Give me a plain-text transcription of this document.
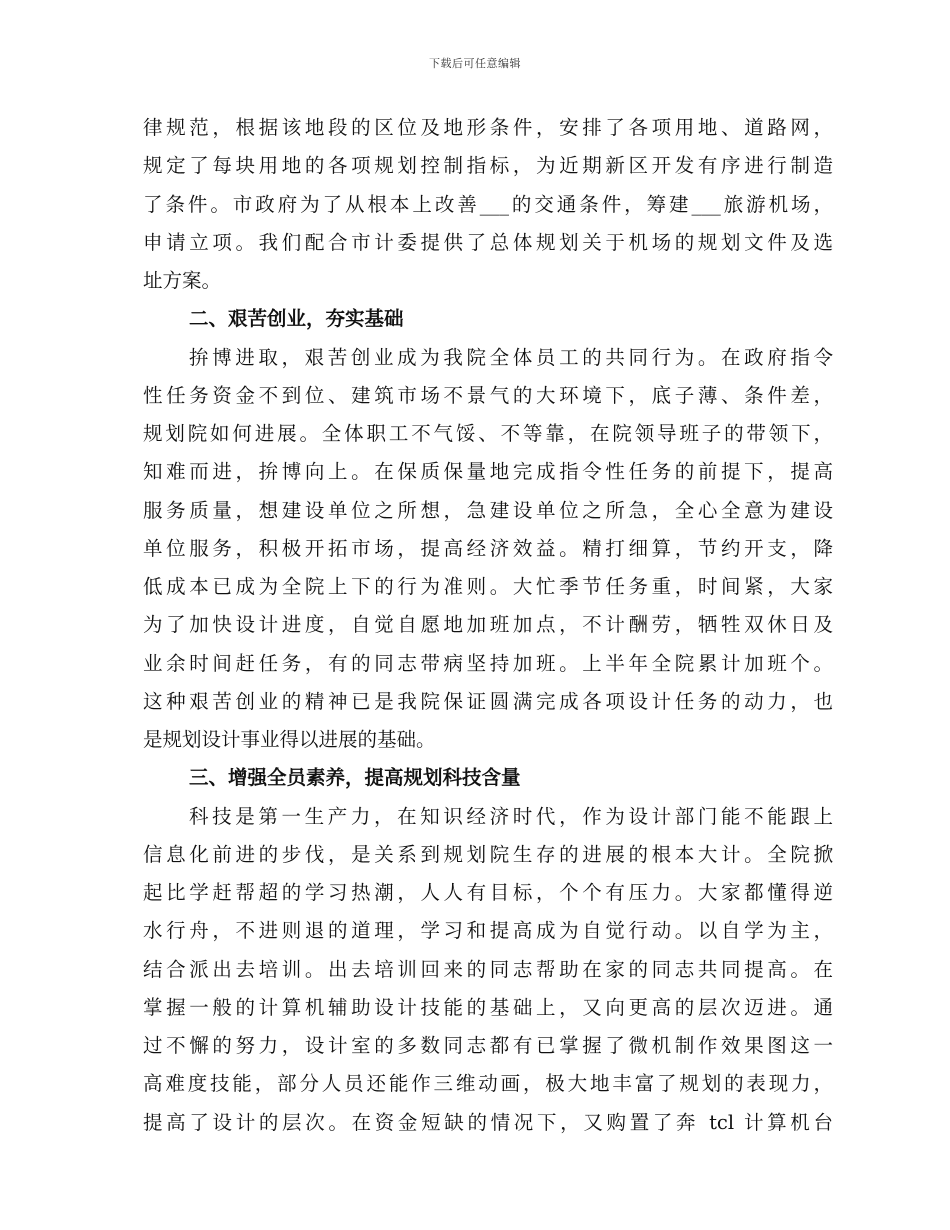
下载后可任意编辑
律规范，根据该地段的区位及地形条件，安排了各项用地、道路网，
规定了每块用地的各项规划控制指标，为近期新区开发有序进行制造
了条件。市政府为了从根本上改善___的交通条件，筹建___旅游机场，
申请立项。我们配合市计委提供了总体规划关于机场的规划文件及选
址方案。
二、艰苦创业，夯实基础
拚博进取，艰苦创业成为我院全体员工的共同行为。在政府指令
性任务资金不到位、建筑市场不景气的大环境下，底子薄、条件差，
规划院如何进展。全体职工不气馁、不等靠，在院领导班子的带领下，
知难而进，拚博向上。在保质保量地完成指令性任务的前提下，提高
服务质量，想建设单位之所想，急建设单位之所急，全心全意为建设
单位服务，积极开拓市场，提高经济效益。精打细算，节约开支，降
低成本已成为全院上下的行为准则。大忙季节任务重，时间紧，大家
为了加快设计进度，自觉自愿地加班加点，不计酬劳，牺牲双休日及
业余时间赶任务，有的同志带病坚持加班。上半年全院累计加班个。
这种艰苦创业的精神已是我院保证圆满完成各项设计任务的动力，也
是规划设计事业得以进展的基础。
三、增强全员素养，提高规划科技含量
科技是第一生产力，在知识经济时代，作为设计部门能不能跟上
信息化前进的步伐，是关系到规划院生存的进展的根本大计。全院掀
起比学赶帮超的学习热潮，人人有目标，个个有压力。大家都懂得逆
水行舟，不进则退的道理，学习和提高成为自觉行动。以自学为主，
结合派出去培训。出去培训回来的同志帮助在家的同志共同提高。在
掌握一般的计算机辅助设计技能的基础上，又向更高的层次迈进。通
过不懈的努力，设计室的多数同志都有已掌握了微机制作效果图这一
高难度技能，部分人员还能作三维动画，极大地丰富了规划的表现力，
提高了设计的层次。在资金短缺的情况下，又购置了奔 tcl 计算机台
